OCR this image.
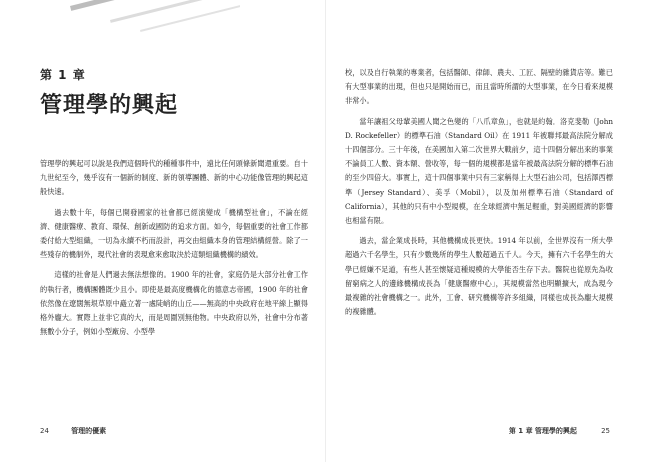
第 1 章
管理學的興起

管理學的興起可以說是我們這個時代的種種事件中，遠比任何頭條新聞還重要。自十九世紀至今，幾乎沒有一個新的制度、新的領導團體、新的中心功能像管理的興起這般快速。

過去數十年，每個已開發國家的社會都已經演變成「機構型社會」，不論在經濟、健康醫療、教育、環保、創新或國防的追求方面。如今，每個重要的社會工作都委付給大型組織，一切為永續不朽而設計，再交由組織本身的管理結構經營。除了一些殘存的機制外，現代社會的表現愈來愈取決於這類組織機構的績效。

這樣的社會是人們過去無法想像的。1900 年的社會，家庭仍是大部分社會工作的執行者，機構團體既少且小。即使是最高度機構化的德意志帝國，1900 年的社會依然像在遼闊無垠草原中矗立著一處陡峭的山丘——無高的中央政府在地平線上顯得格外龐大。實際上並非它真的大，而是周圍別無他物。中央政府以外，社會中分布著無數小分子，例如小型廠房、小型學

校，以及自行執業的專業者，包括醫師、律師、農夫、工匠、隔壁的雜貨店等。難已有大型事業的出現，但也只是開始而已，而且當時所謂的大型事業，在今日看來規模非常小。

當年讓祖父母輩美國人聞之色變的「八爪章魚」，也就是約翰．洛克斐勒（John D. Rockefeller）的標準石油（Standard Oil）在 1911 年被聯邦最高法院分解成十四個部分。三十年後，在美國加入第二次世界大戰前夕，這十四個分解出來的事業不論員工人數、資本額、營收等，每一個的規模都是當年被最高法院分解的標準石油的至少四倍大。事實上，這十四個事業中只有三家稱得上大型石油公司，包括澤西標準（Jersey Standard）、美孚（Mobil），以及加州標準石油（Standard of California），其他的只有中小型規模，在全球經濟中無足輕重，對美國經濟的影響也相當有限。

過去，當企業成長時，其他機構成長更快。1914 年以前，全世界沒有一所大學超過六千名學生，只有少數幾所的學生人數超過五千人。今天，擁有六千名學生的大學已經嫌不足道，有些人甚至懷疑這種規模的大學能否生存下去。醫院也從原先為收留窮病之人的邊緣機構成長為「健康醫療中心」，其規模當然也明顯擴大，成為現今最複雜的社會機構之一。此外，工會、研究機構等許多組織，同樣也成長為龐大規模的複雜體。

24	管理的優素	第 1 章 管理學的興起	25
